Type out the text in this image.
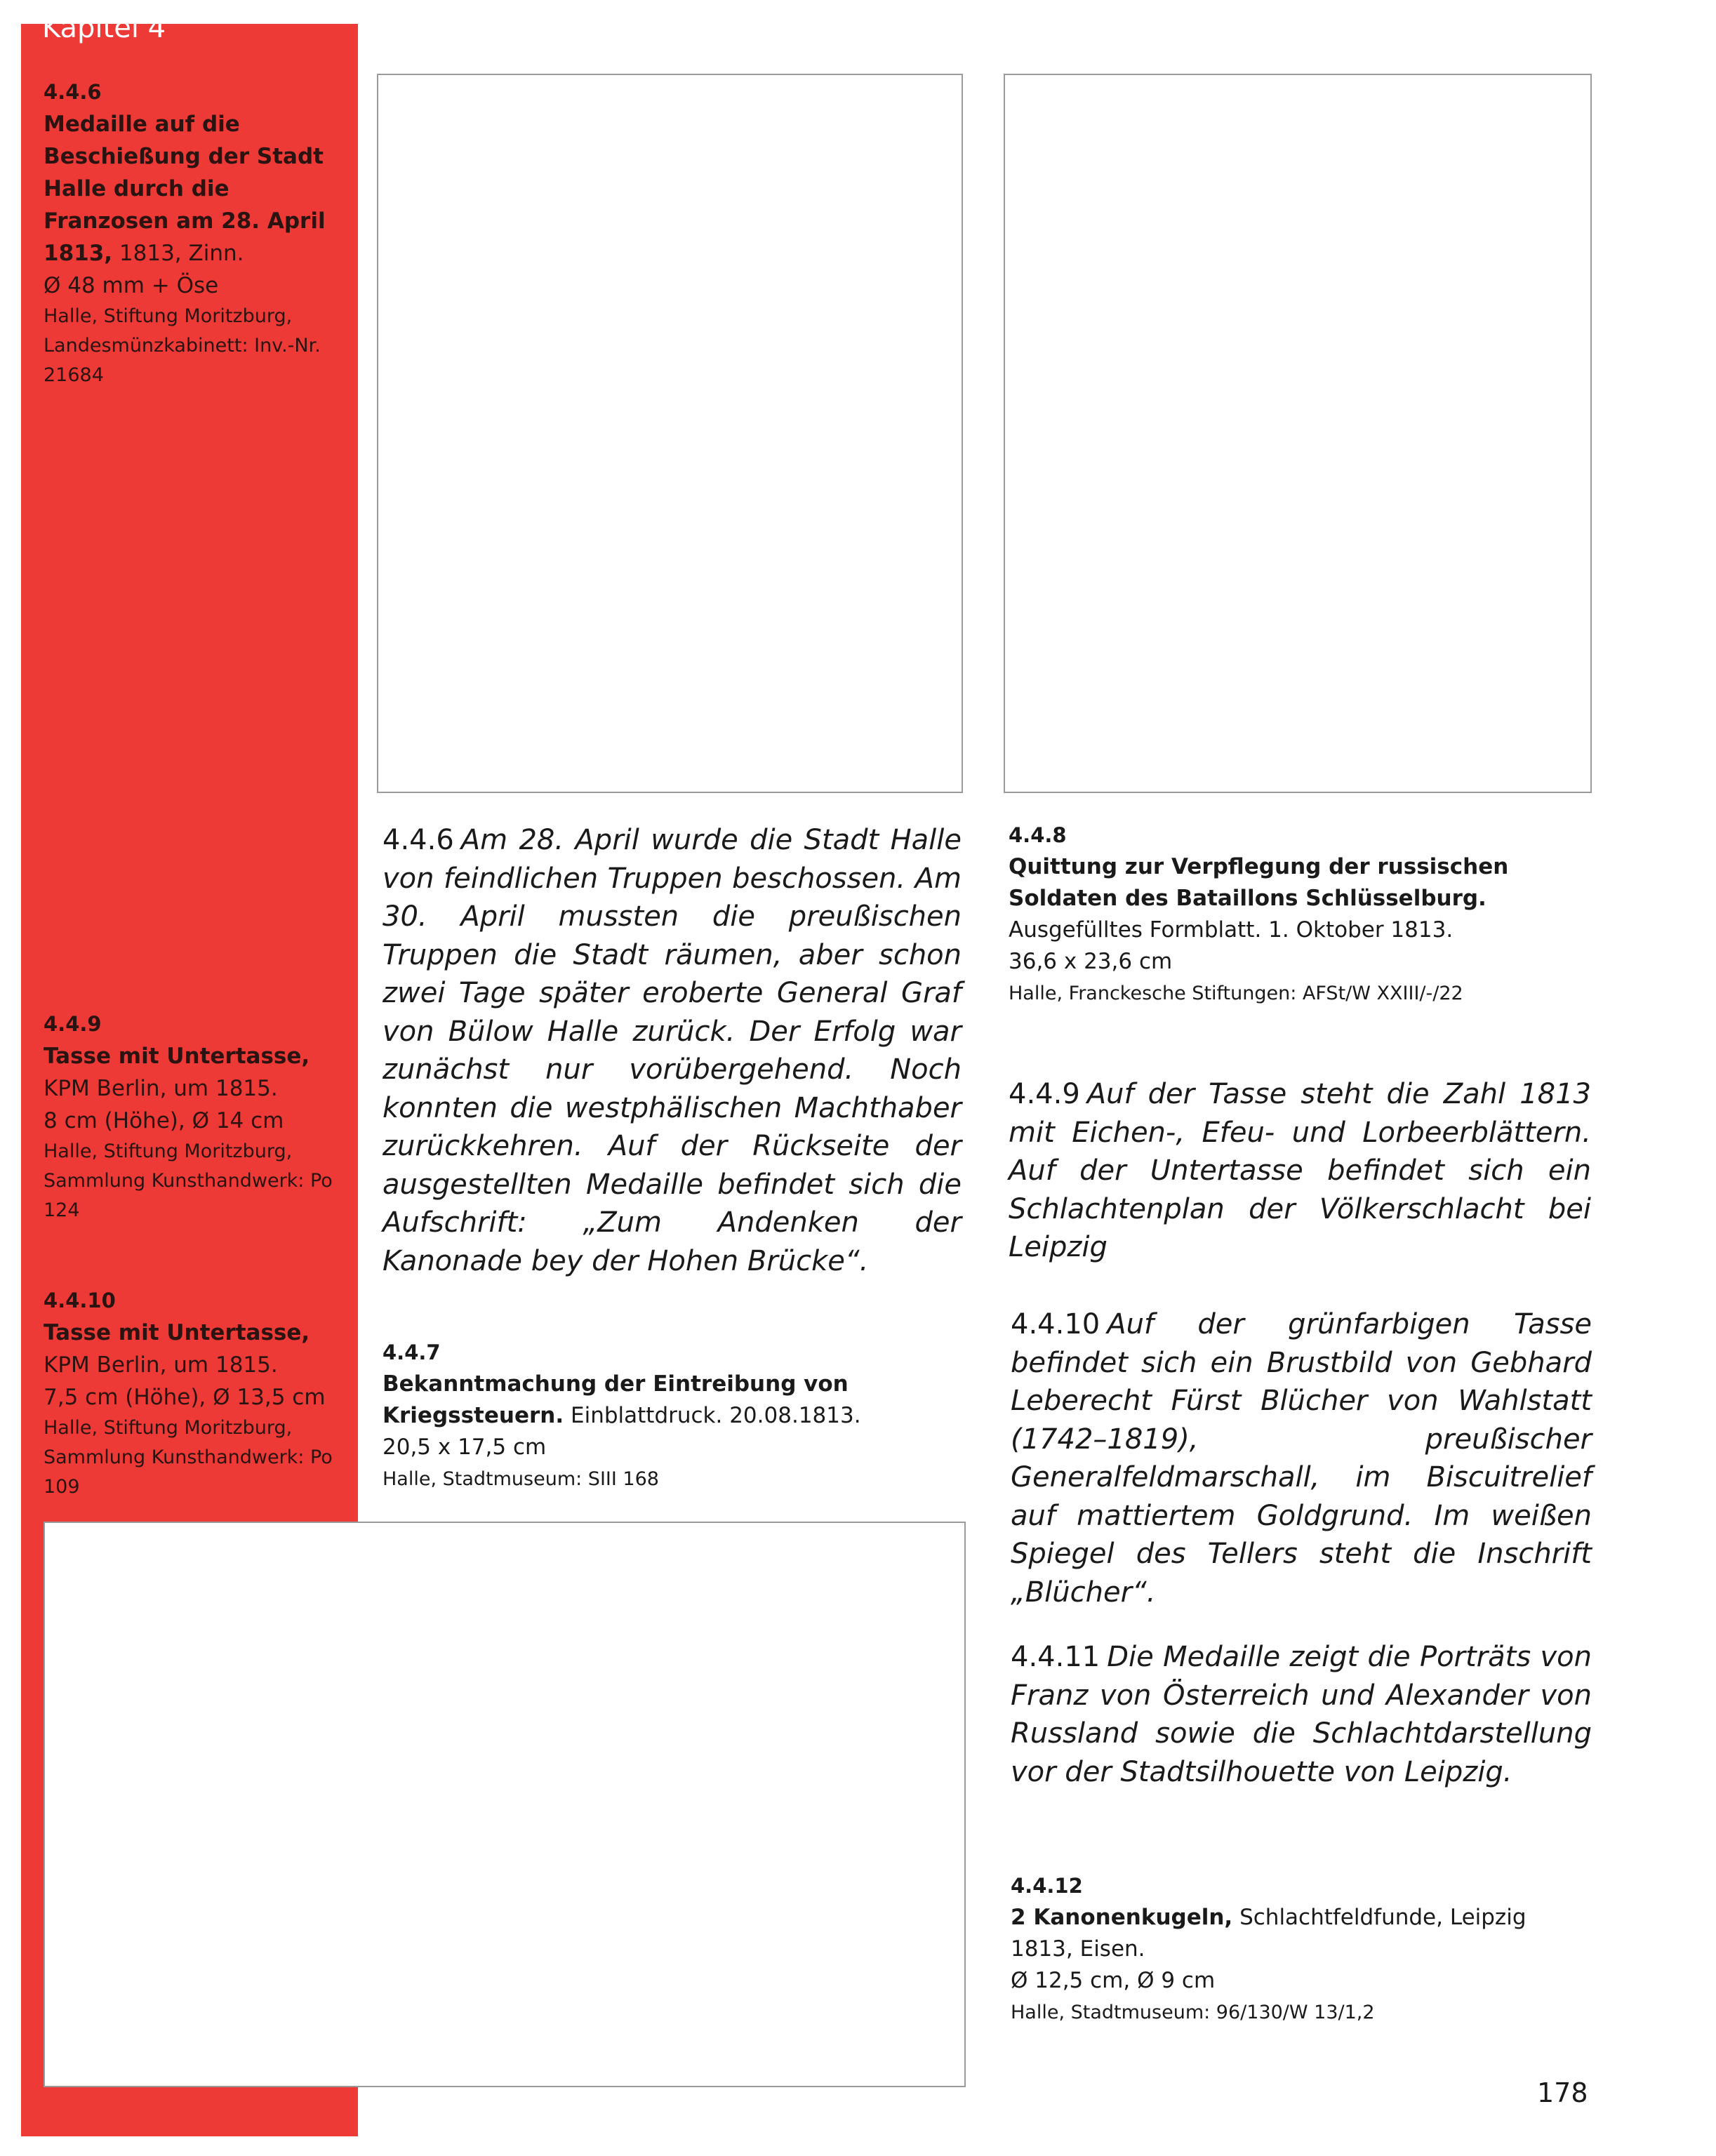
Kapitel 4
4.4.6
Medaille auf die Beschießung der Stadt Halle durch die Franzosen am 28. April 1813, 1813, Zinn.
Ø 48 mm + Öse
Halle, Stiftung Moritzburg, Landesmünzkabinett: Inv.-Nr. 21684
4.4.9
Tasse mit Untertasse,
KPM Berlin, um 1815.
8 cm (Höhe), Ø 14 cm
Halle, Stiftung Moritzburg, Sammlung Kunsthandwerk: Po 124
4.4.10
Tasse mit Untertasse,
KPM Berlin, um 1815.
7,5 cm (Höhe), Ø 13,5 cm
Halle, Stiftung Moritzburg, Sammlung Kunsthandwerk: Po 109
4.4.6 Am 28. April wurde die Stadt Halle von feindlichen Truppen beschossen. Am 30. April mussten die preußischen Truppen die Stadt räumen, aber schon zwei Tage später eroberte General Graf von Bülow Halle zurück. Der Erfolg war zunächst nur vorübergehend. Noch konnten die westphälischen Machthaber zurückkehren. Auf der Rückseite der ausgestellten Medaille befindet sich die Aufschrift: „Zum Andenken der Kanonade bey der Hohen Brücke“.
4.4.7
Bekanntmachung der Eintreibung von Kriegssteuern. Einblattdruck. 20.08.1813.
20,5 x 17,5 cm
Halle, Stadtmuseum: SIII 168
4.4.8
Quittung zur Verpflegung der russischen Soldaten des Bataillons Schlüsselburg. Ausgefülltes Formblatt. 1. Oktober 1813.
36,6 x 23,6 cm
Halle, Franckesche Stiftungen: AFSt/W XXIII/-/22
4.4.9 Auf der Tasse steht die Zahl 1813 mit Eichen-, Efeu- und Lorbeerblättern. Auf der Untertasse befindet sich ein Schlachtenplan der Völkerschlacht bei Leipzig
4.4.10 Auf der grünfarbigen Tasse befindet sich ein Brustbild von Gebhard Leberecht Fürst Blücher von Wahlstatt (1742–1819), preußischer Generalfeldmarschall, im Biscuitrelief auf mattiertem Goldgrund. Im weißen Spiegel des Tellers steht die Inschrift „Blücher“.
4.4.11 Die Medaille zeigt die Porträts von Franz von Österreich und Alexander von Russland sowie die Schlachtdarstellung vor der Stadtsilhouette von Leipzig.
4.4.12
2 Kanonenkugeln, Schlachtfeldfunde, Leipzig 1813, Eisen.
Ø 12,5 cm, Ø 9 cm
Halle, Stadtmuseum: 96/130/W 13/1,2
178
